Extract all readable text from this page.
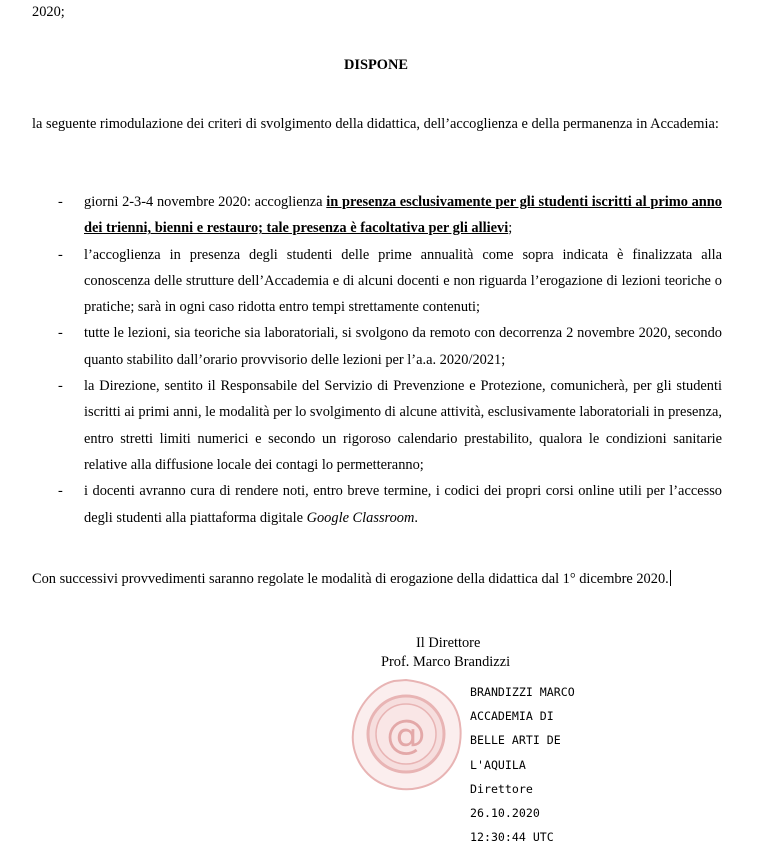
2020;
DISPONE
la seguente rimodulazione dei criteri di svolgimento della didattica, dell’accoglienza e della permanenza in Accademia:
- giorni 2-3-4 novembre 2020: accoglienza in presenza esclusivamente per gli studenti iscritti al primo anno dei trienni, bienni e restauro; tale presenza è facoltativa per gli allievi;
- l’accoglienza in presenza degli studenti delle prime annualità come sopra indicata è finalizzata alla conoscenza delle strutture dell’Accademia e di alcuni docenti e non riguarda l’erogazione di lezioni teoriche o pratiche; sarà in ogni caso ridotta entro tempi strettamente contenuti;
- tutte le lezioni, sia teoriche sia laboratoriali, si svolgono da remoto con decorrenza 2 novembre 2020, secondo quanto stabilito dall’orario provvisorio delle lezioni per l’a.a. 2020/2021;
- la Direzione, sentito il Responsabile del Servizio di Prevenzione e Protezione, comunicherà, per gli studenti iscritti ai primi anni, le modalità per lo svolgimento di alcune attività, esclusivamente laboratoriali in presenza, entro stretti limiti numerici e secondo un rigoroso calendario prestabilito, qualora le condizioni sanitarie relative alla diffusione locale dei contagi lo permetteranno;
- i docenti avranno cura di rendere noti, entro breve termine, i codici dei propri corsi online utili per l’accesso degli studenti alla piattaforma digitale Google Classroom.
Con successivi provvedimenti saranno regolate le modalità di erogazione della didattica dal 1° dicembre 2020.
Il Direttore
Prof. Marco Brandizzi
@

BRANDIZZI MARCO

ACCADEMIA DI

BELLE ARTI DE

L'AQUILA

Direttore

26.10.2020

12:30:44 UTC
